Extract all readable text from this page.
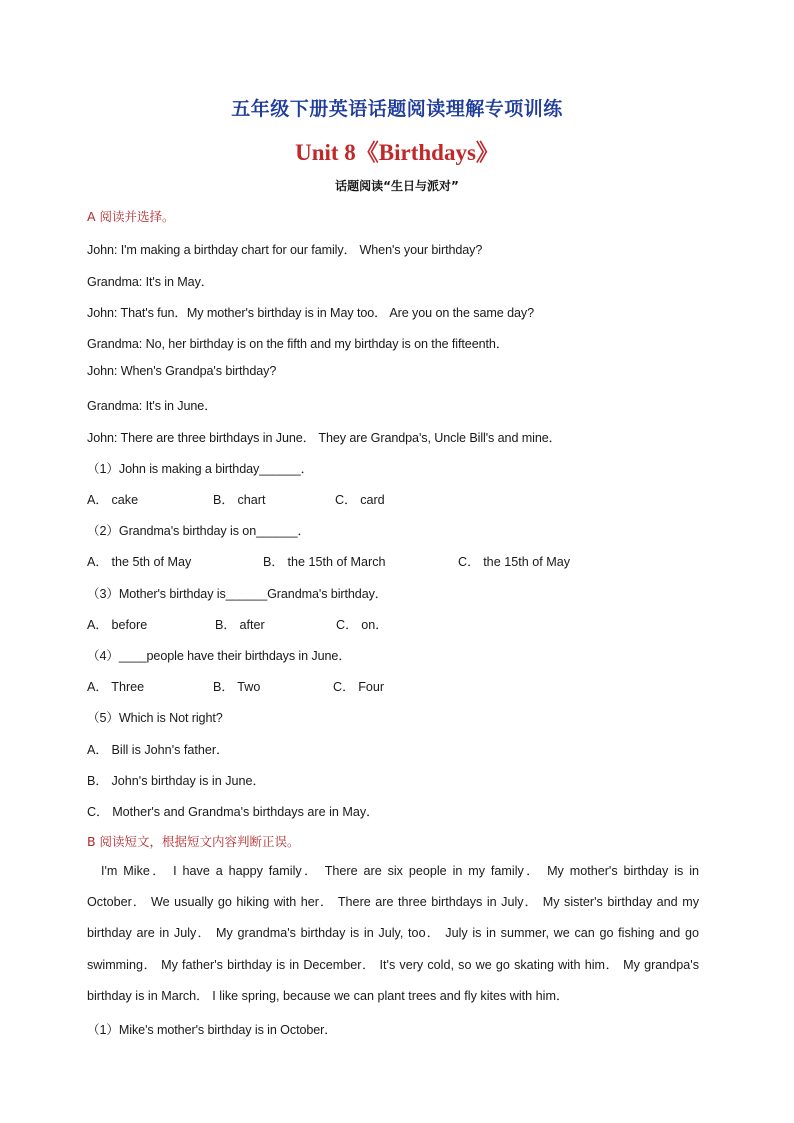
五年级下册英语话题阅读理解专项训练
Unit 8《Birthdays》
话题阅读“生日与派对”
A 阅读并选择。
John: I'm making a birthday chart for our family． When's your birthday?
Grandma: It's in May．
John: That's fun．My mother's birthday is in May too． Are you on the same day?
Grandma: No, her birthday is on the fifth and my birthday is on the fifteenth．
John: When's Grandpa's birthday?
Grandma: It's in June．
John: There are three birthdays in June． They are Grandpa's, Uncle Bill's and mine．
（1）John is making a birthday______．
A． cake	B． chart	C． card
（2）Grandma's birthday is on______．
A． the 5th of May	B． the 15th of March	C． the 15th of May
（3）Mother's birthday is______Grandma's birthday．
A． before	B． after	C． on．
（4）____people have their birthdays in June．
A． Three	B． Two	C． Four
（5）Which is Not right?
A． Bill is John's father．
B． John's birthday is in June．
C． Mother's and Grandma's birthdays are in May．
B 阅读短文，根据短文内容判断正误。
I'm Mike． I have a happy family． There are six people in my family． My mother's birthday is in October． We usually go hiking with her． There are three birthdays in July． My sister's birthday and my birthday are in July． My grandma's birthday is in July, too． July is in summer, we can go fishing and go swimming． My father's birthday is in December． It's very cold, so we go skating with him． My grandpa's birthday is in March． I like spring, because we can plant trees and fly kites with him．
（1）Mike's mother's birthday is in October．
